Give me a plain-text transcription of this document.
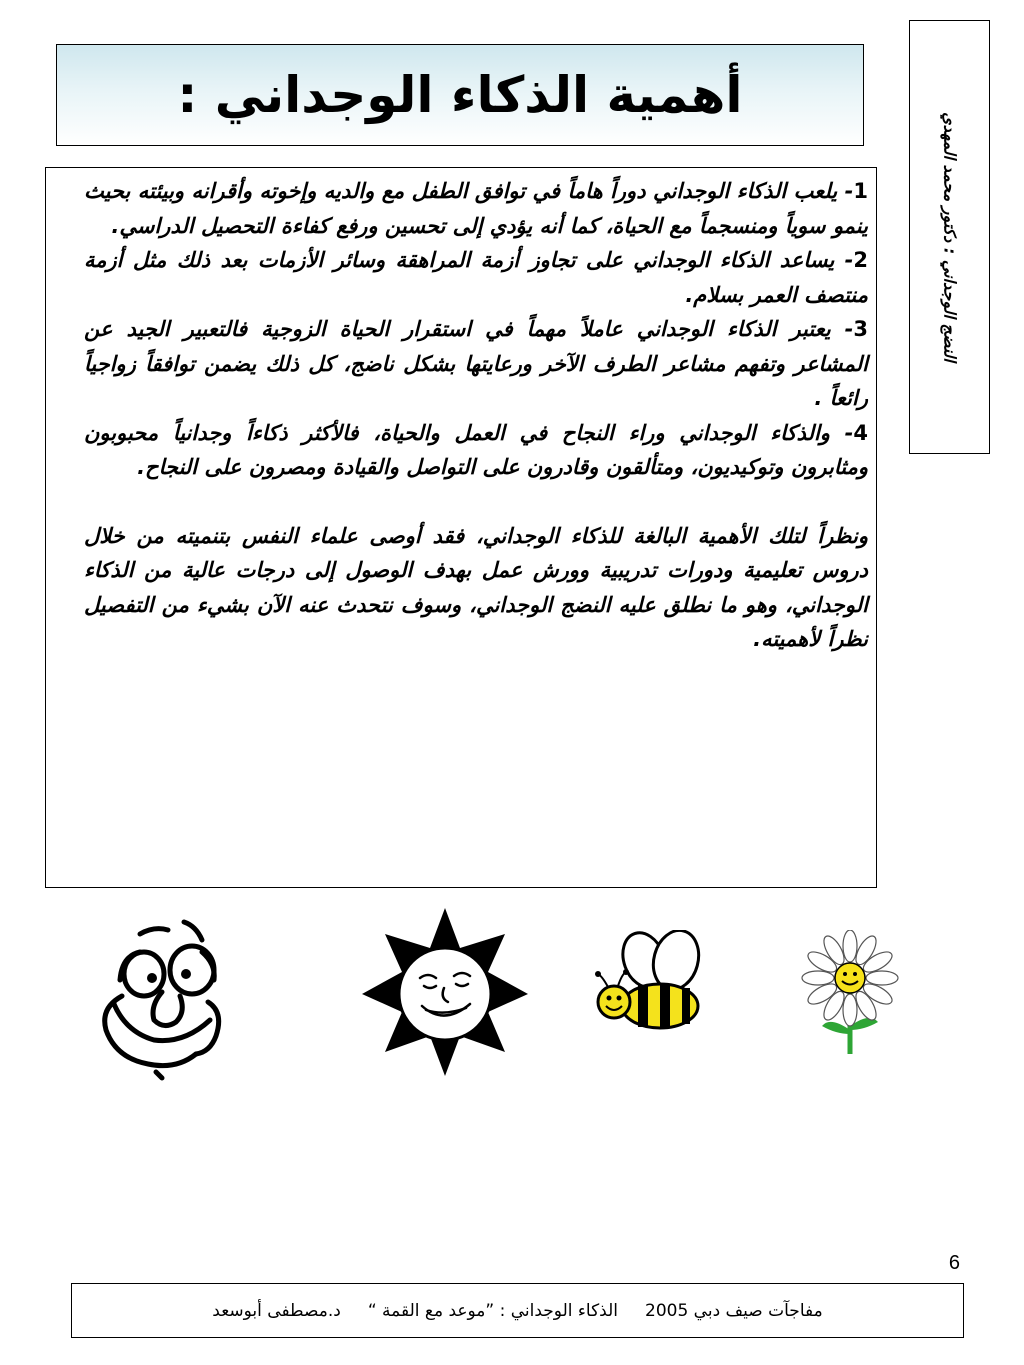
أهمية الذكاء الوجداني :
النضج الوجداني : دكتور محمد المهدي

1- يلعب الذكاء الوجداني دوراً هاماً في توافق الطفل مع والديه وإخوته وأقرانه وبيئته بحيث ينمو سوياً ومنسجماً مع الحياة، كما أنه يؤدي إلى تحسين ورفع كفاءة التحصيل الدراسي.

2- يساعد الذكاء الوجداني على تجاوز أزمة المراهقة وسائر الأزمات بعد ذلك مثل أزمة منتصف العمر بسلام.

3- يعتبر الذكاء الوجداني عاملاً مهماً في استقرار الحياة الزوجية فالتعبير الجيد عن المشاعر وتفهم مشاعر الطرف الآخر ورعايتها بشكل ناضج، كل ذلك يضمن توافقاً زواجياً رائعاً .

4- والذكاء الوجداني وراء النجاح في العمل والحياة، فالأكثر ذكاءاً وجدانياً محبوبون ومثابرون وتوكيديون، ومتألقون وقادرون على التواصل والقيادة ومصرون على النجاح.

ونظراً لتلك الأهمية البالغة للذكاء الوجداني، فقد أوصى علماء النفس بتنميته من خلال دروس تعليمية ودورات تدريبية وورش عمل بهدف الوصول إلى درجات عالية من الذكاء الوجداني، وهو ما نطلق عليه النضج الوجداني، وسوف نتحدث عنه الآن بشيء من التفصيل نظراً لأهميته.

6
مفاجآت صيف دبي 2005     الذكاء الوجداني : ”موعد مع القمة “     د.مصطفى أبوسعد
